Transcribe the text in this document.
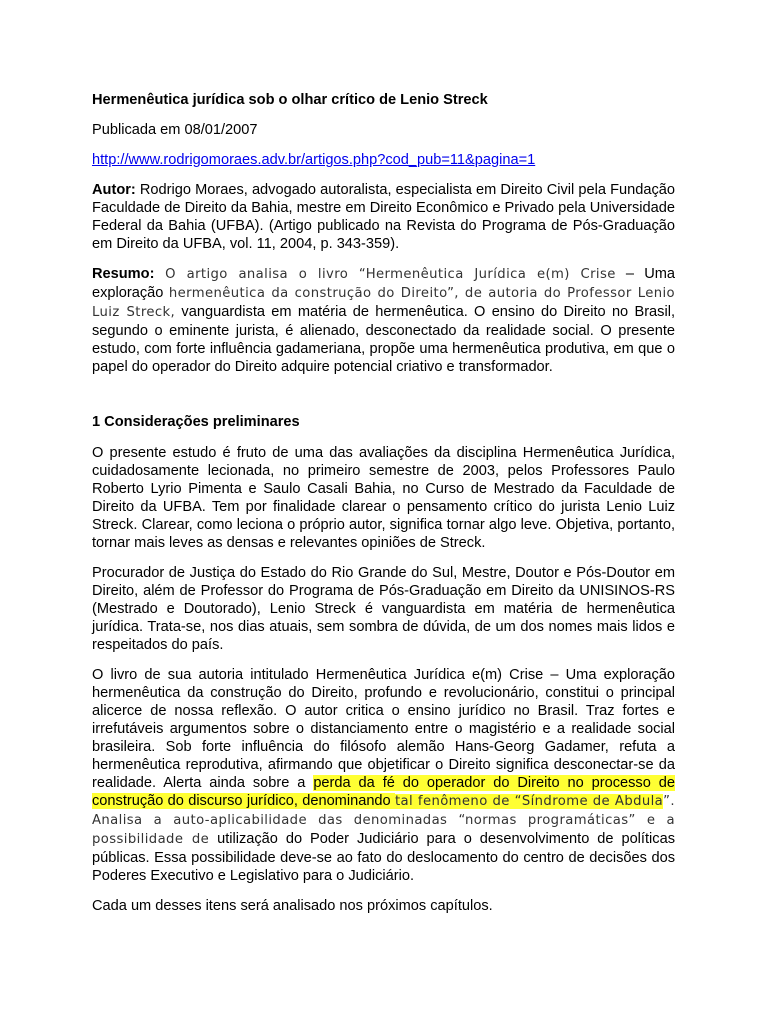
Hermenêutica jurídica sob o olhar crítico de Lenio Streck

Publicada em 08/01/2007

http://www.rodrigomoraes.adv.br/artigos.php?cod_pub=11&pagina=1

Autor: Rodrigo Moraes, advogado autoralista, especialista em Direito Civil pela Fundação Faculdade de Direito da Bahia, mestre em Direito Econômico e Privado pela Universidade Federal da Bahia (UFBA). (Artigo publicado na Revista do Programa de Pós-Graduação em Direito da UFBA, vol. 11, 2004, p. 343-359).

Resumo: O artigo analisa o livro “Hermenêutica Jurídica e(m) Crise – Uma exploração hermenêutica da construção do Direito”, de autoria do Professor Lenio Luiz Streck, vanguardista em matéria de hermenêutica. O ensino do Direito no Brasil, segundo o eminente jurista, é alienado, desconectado da realidade social. O presente estudo, com forte influência gadameriana, propõe uma hermenêutica produtiva, em que o papel do operador do Direito adquire potencial criativo e transformador.

1 Considerações preliminares

O presente estudo é fruto de uma das avaliações da disciplina Hermenêutica Jurídica, cuidadosamente lecionada, no primeiro semestre de 2003, pelos Professores Paulo Roberto Lyrio Pimenta e Saulo Casali Bahia, no Curso de Mestrado da Faculdade de Direito da UFBA. Tem por finalidade clarear o pensamento crítico do jurista Lenio Luiz Streck. Clarear, como leciona o próprio autor, significa tornar algo leve. Objetiva, portanto, tornar mais leves as densas e relevantes opiniões de Streck.

Procurador de Justiça do Estado do Rio Grande do Sul, Mestre, Doutor e Pós-Doutor em Direito, além de Professor do Programa de Pós-Graduação em Direito da UNISINOS-RS (Mestrado e Doutorado), Lenio Streck é vanguardista em matéria de hermenêutica jurídica. Trata-se, nos dias atuais, sem sombra de dúvida, de um dos nomes mais lidos e respeitados do país.

O livro de sua autoria intitulado Hermenêutica Jurídica e(m) Crise – Uma exploração hermenêutica da construção do Direito, profundo e revolucionário, constitui o principal alicerce de nossa reflexão. O autor critica o ensino jurídico no Brasil. Traz fortes e irrefutáveis argumentos sobre o distanciamento entre o magistério e a realidade social brasileira. Sob forte influência do filósofo alemão Hans-Georg Gadamer, refuta a hermenêutica reprodutiva, afirmando que objetificar o Direito significa desconectar-se da realidade. Alerta ainda sobre a perda da fé do operador do Direito no processo de construção do discurso jurídico, denominando tal fenômeno de “Síndrome de Abdula”. Analisa a auto-aplicabilidade das denominadas “normas programáticas” e a possibilidade de utilização do Poder Judiciário para o desenvolvimento de políticas públicas. Essa possibilidade deve-se ao fato do deslocamento do centro de decisões dos Poderes Executivo e Legislativo para o Judiciário.

Cada um desses itens será analisado nos próximos capítulos.
